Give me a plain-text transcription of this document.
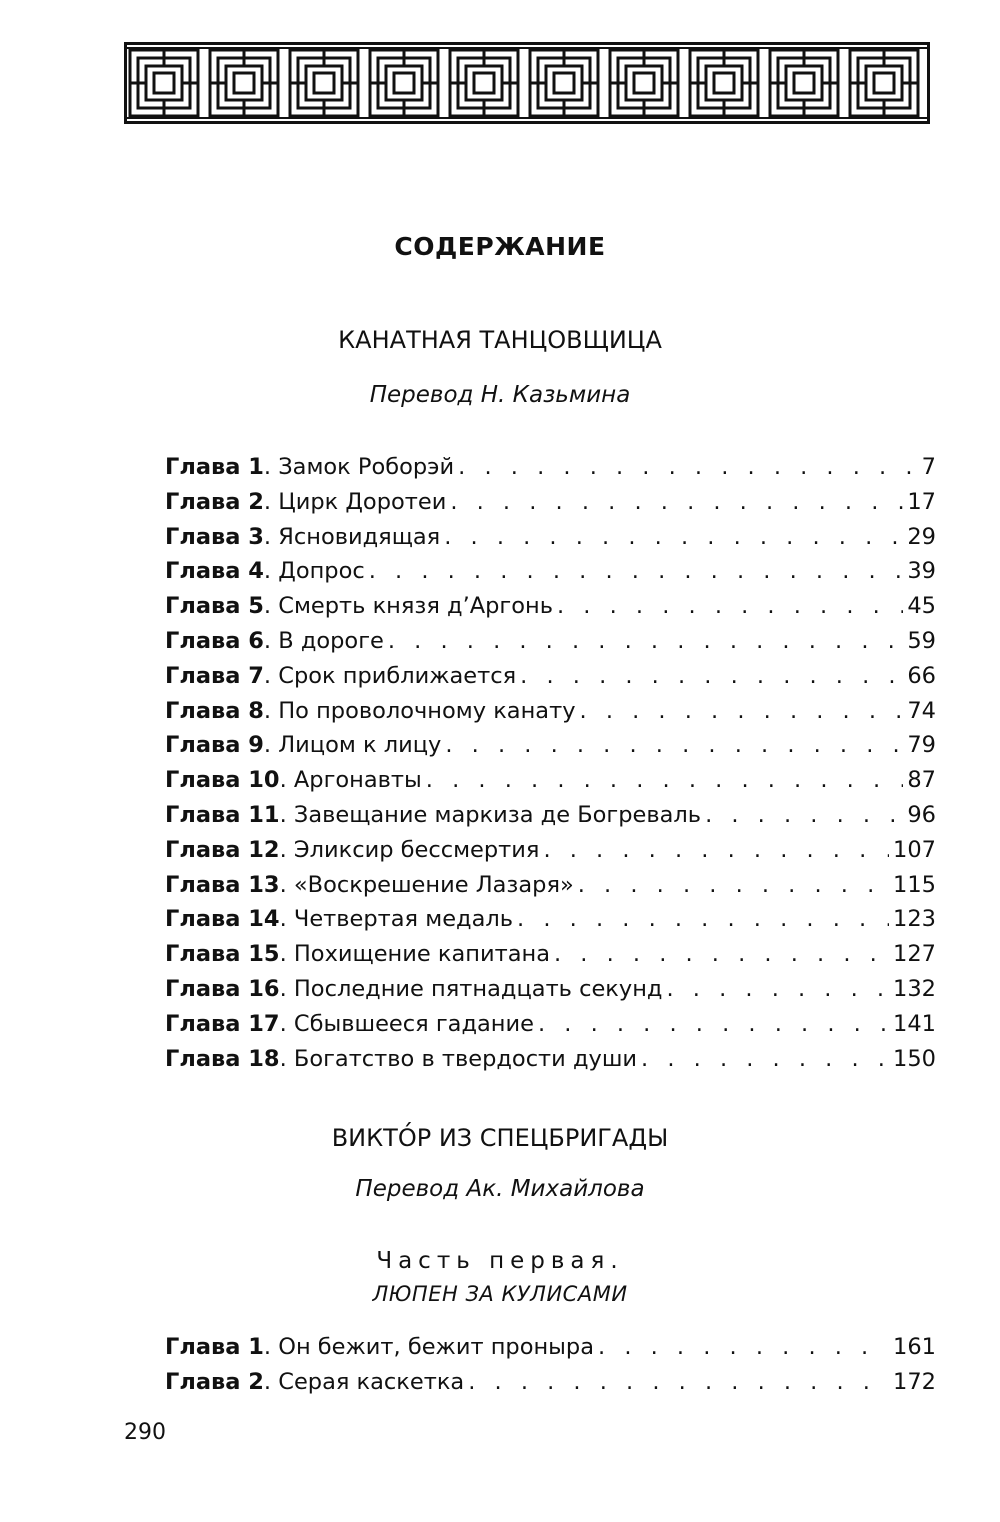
СОДЕРЖАНИЕ
КАНАТНАЯ ТАНЦОВЩИЦА
Перевод Н. Казьмина
Глава 1 . Замок Роборэй . . .	7
Глава 2 . Цирк Доротеи . . .	17
Глава 3 . Ясновидящая . . .	29
Глава 4 . Допрос . . .	39
Глава 5 . Смерть князя д’Аргонь . . .	45
Глава 6 . В дороге . . .	59
Глава 7 . Срок приближается . . .	66
Глава 8 . По проволочному канату . . .	74
Глава 9 . Лицом к лицу . . .	79
Глава 10 . Аргонавты . . .	87
Глава 11 . Завещание маркиза де Богреваль . . .	96
Глава 12 . Эликсир бессмертия . . .	107
Глава 13 . «Воскрешение Лазаря» . . .	115
Глава 14 . Четвертая медаль . . .	123
Глава 15 . Похищение капитана . . .	127
Глава 16 . Последние пятнадцать секунд . . .	132
Глава 17 . Сбывшееся гадание . . .	141
Глава 18 . Богатство в твердости души . . .	150
ВИКТО́Р ИЗ СПЕЦБРИГАДЫ
Перевод Ак. Михайлова
Часть первая.
ЛЮПЕН ЗА КУЛИСАМИ
Глава 1 . Он бежит, бежит проныра . . .	161
Глава 2 . Серая каскетка . . .	172
290
